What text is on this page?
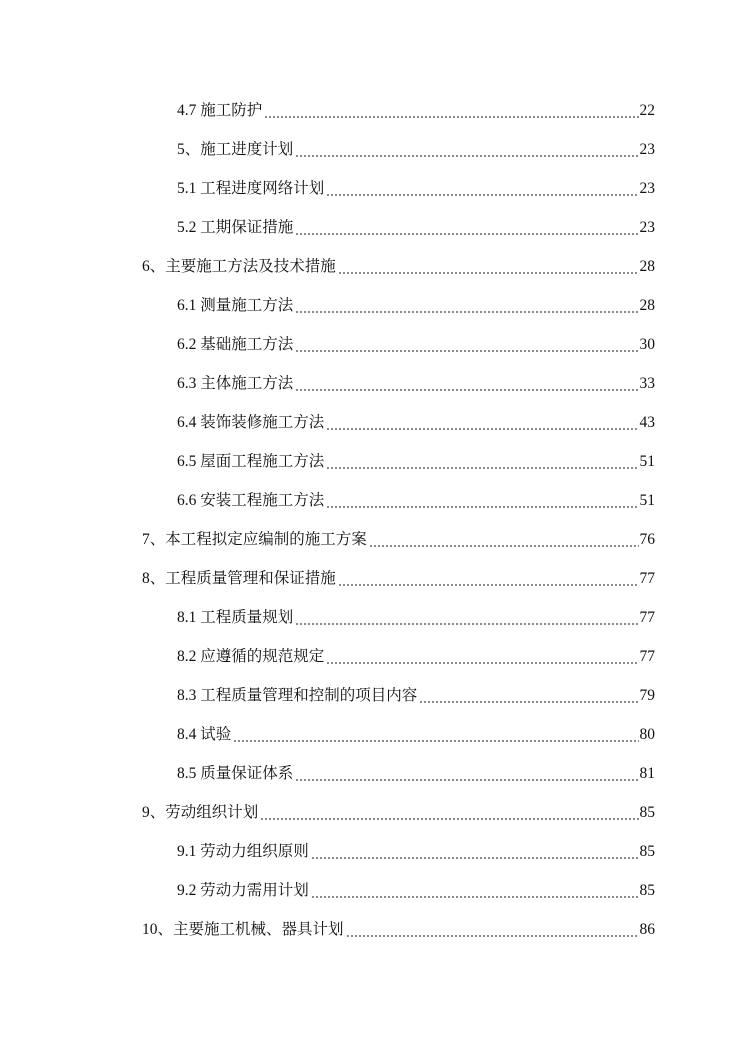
4.7 施工防护	22
5、施工进度计划	23
5.1 工程进度网络计划	23
5.2 工期保证措施	23
6、主要施工方法及技术措施	28
6.1 测量施工方法	28
6.2 基础施工方法	30
6.3 主体施工方法	33
6.4 装饰装修施工方法	43
6.5 屋面工程施工方法	51
6.6 安装工程施工方法	51
7、本工程拟定应编制的施工方案	76
8、工程质量管理和保证措施	77
8.1 工程质量规划	77
8.2 应遵循的规范规定	77
8.3 工程质量管理和控制的项目内容	79
8.4 试验	80
8.5 质量保证体系	81
9、劳动组织计划	85
9.1 劳动力组织原则	85
9.2 劳动力需用计划	85
10、主要施工机械、器具计划	86
